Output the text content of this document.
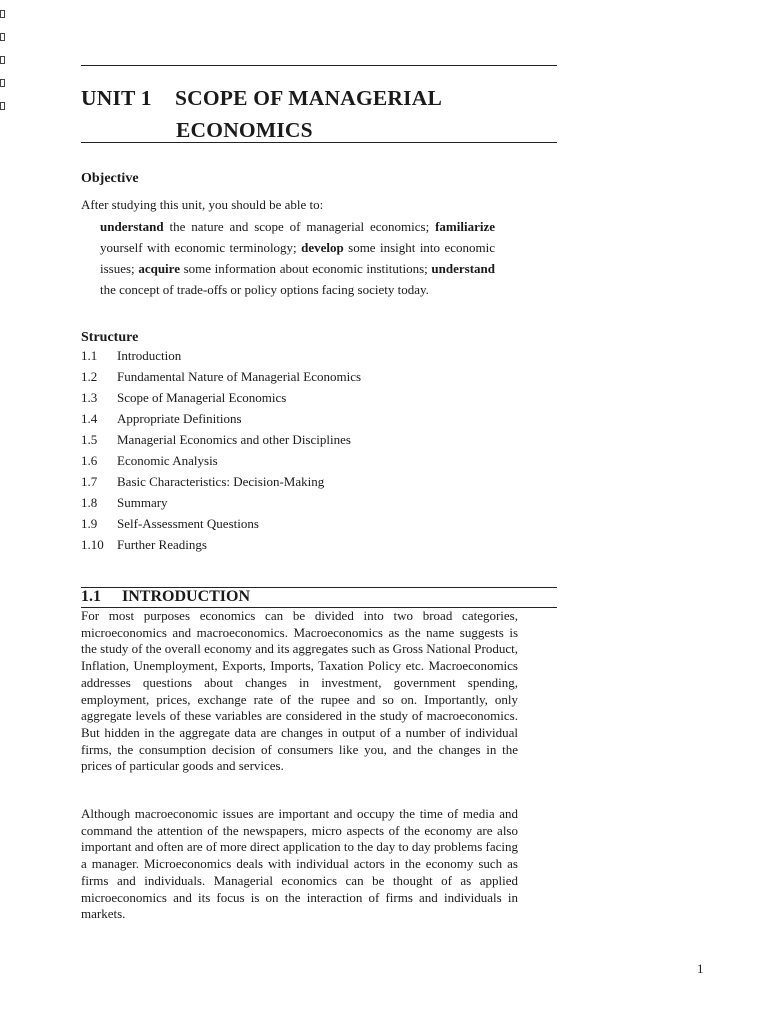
UNIT 1 SCOPE OF MANAGERIAL
ECONOMICS
Objective
After studying this unit, you should be able to:
understand the nature and scope of managerial economics; familiarize yourself with economic terminology; develop some insight into economic issues; acquire some information about economic institutions; understand the concept of trade-offs or policy options facing society today.
Structure
1.1 Introduction
1.2 Fundamental Nature of Managerial Economics
1.3 Scope of Managerial Economics
1.4 Appropriate Definitions
1.5 Managerial Economics and other Disciplines
1.6 Economic Analysis
1.7 Basic Characteristics: Decision-Making
1.8 Summary
1.9 Self-Assessment Questions
1.10 Further Readings
1.1 INTRODUCTION
For most purposes economics can be divided into two broad categories, microeconomics and macroeconomics. Macroeconomics as the name suggests is the study of the overall economy and its aggregates such as Gross National Product, Inflation, Unemployment, Exports, Imports, Taxation Policy etc. Macroeconomics addresses questions about changes in investment, government spending, employment, prices, exchange rate of the rupee and so on. Importantly, only aggregate levels of these variables are considered in the study of macroeconomics. But hidden in the aggregate data are changes in output of a number of individual firms, the consumption decision of consumers like you, and the changes in the prices of particular goods and services.
Although macroeconomic issues are important and occupy the time of media and command the attention of the newspapers, micro aspects of the economy are also important and often are of more direct application to the day to day problems facing a manager. Microeconomics deals with individual actors in the economy such as firms and individuals. Managerial economics can be thought of as applied microeconomics and its focus is on the interaction of firms and individuals in markets.
1
